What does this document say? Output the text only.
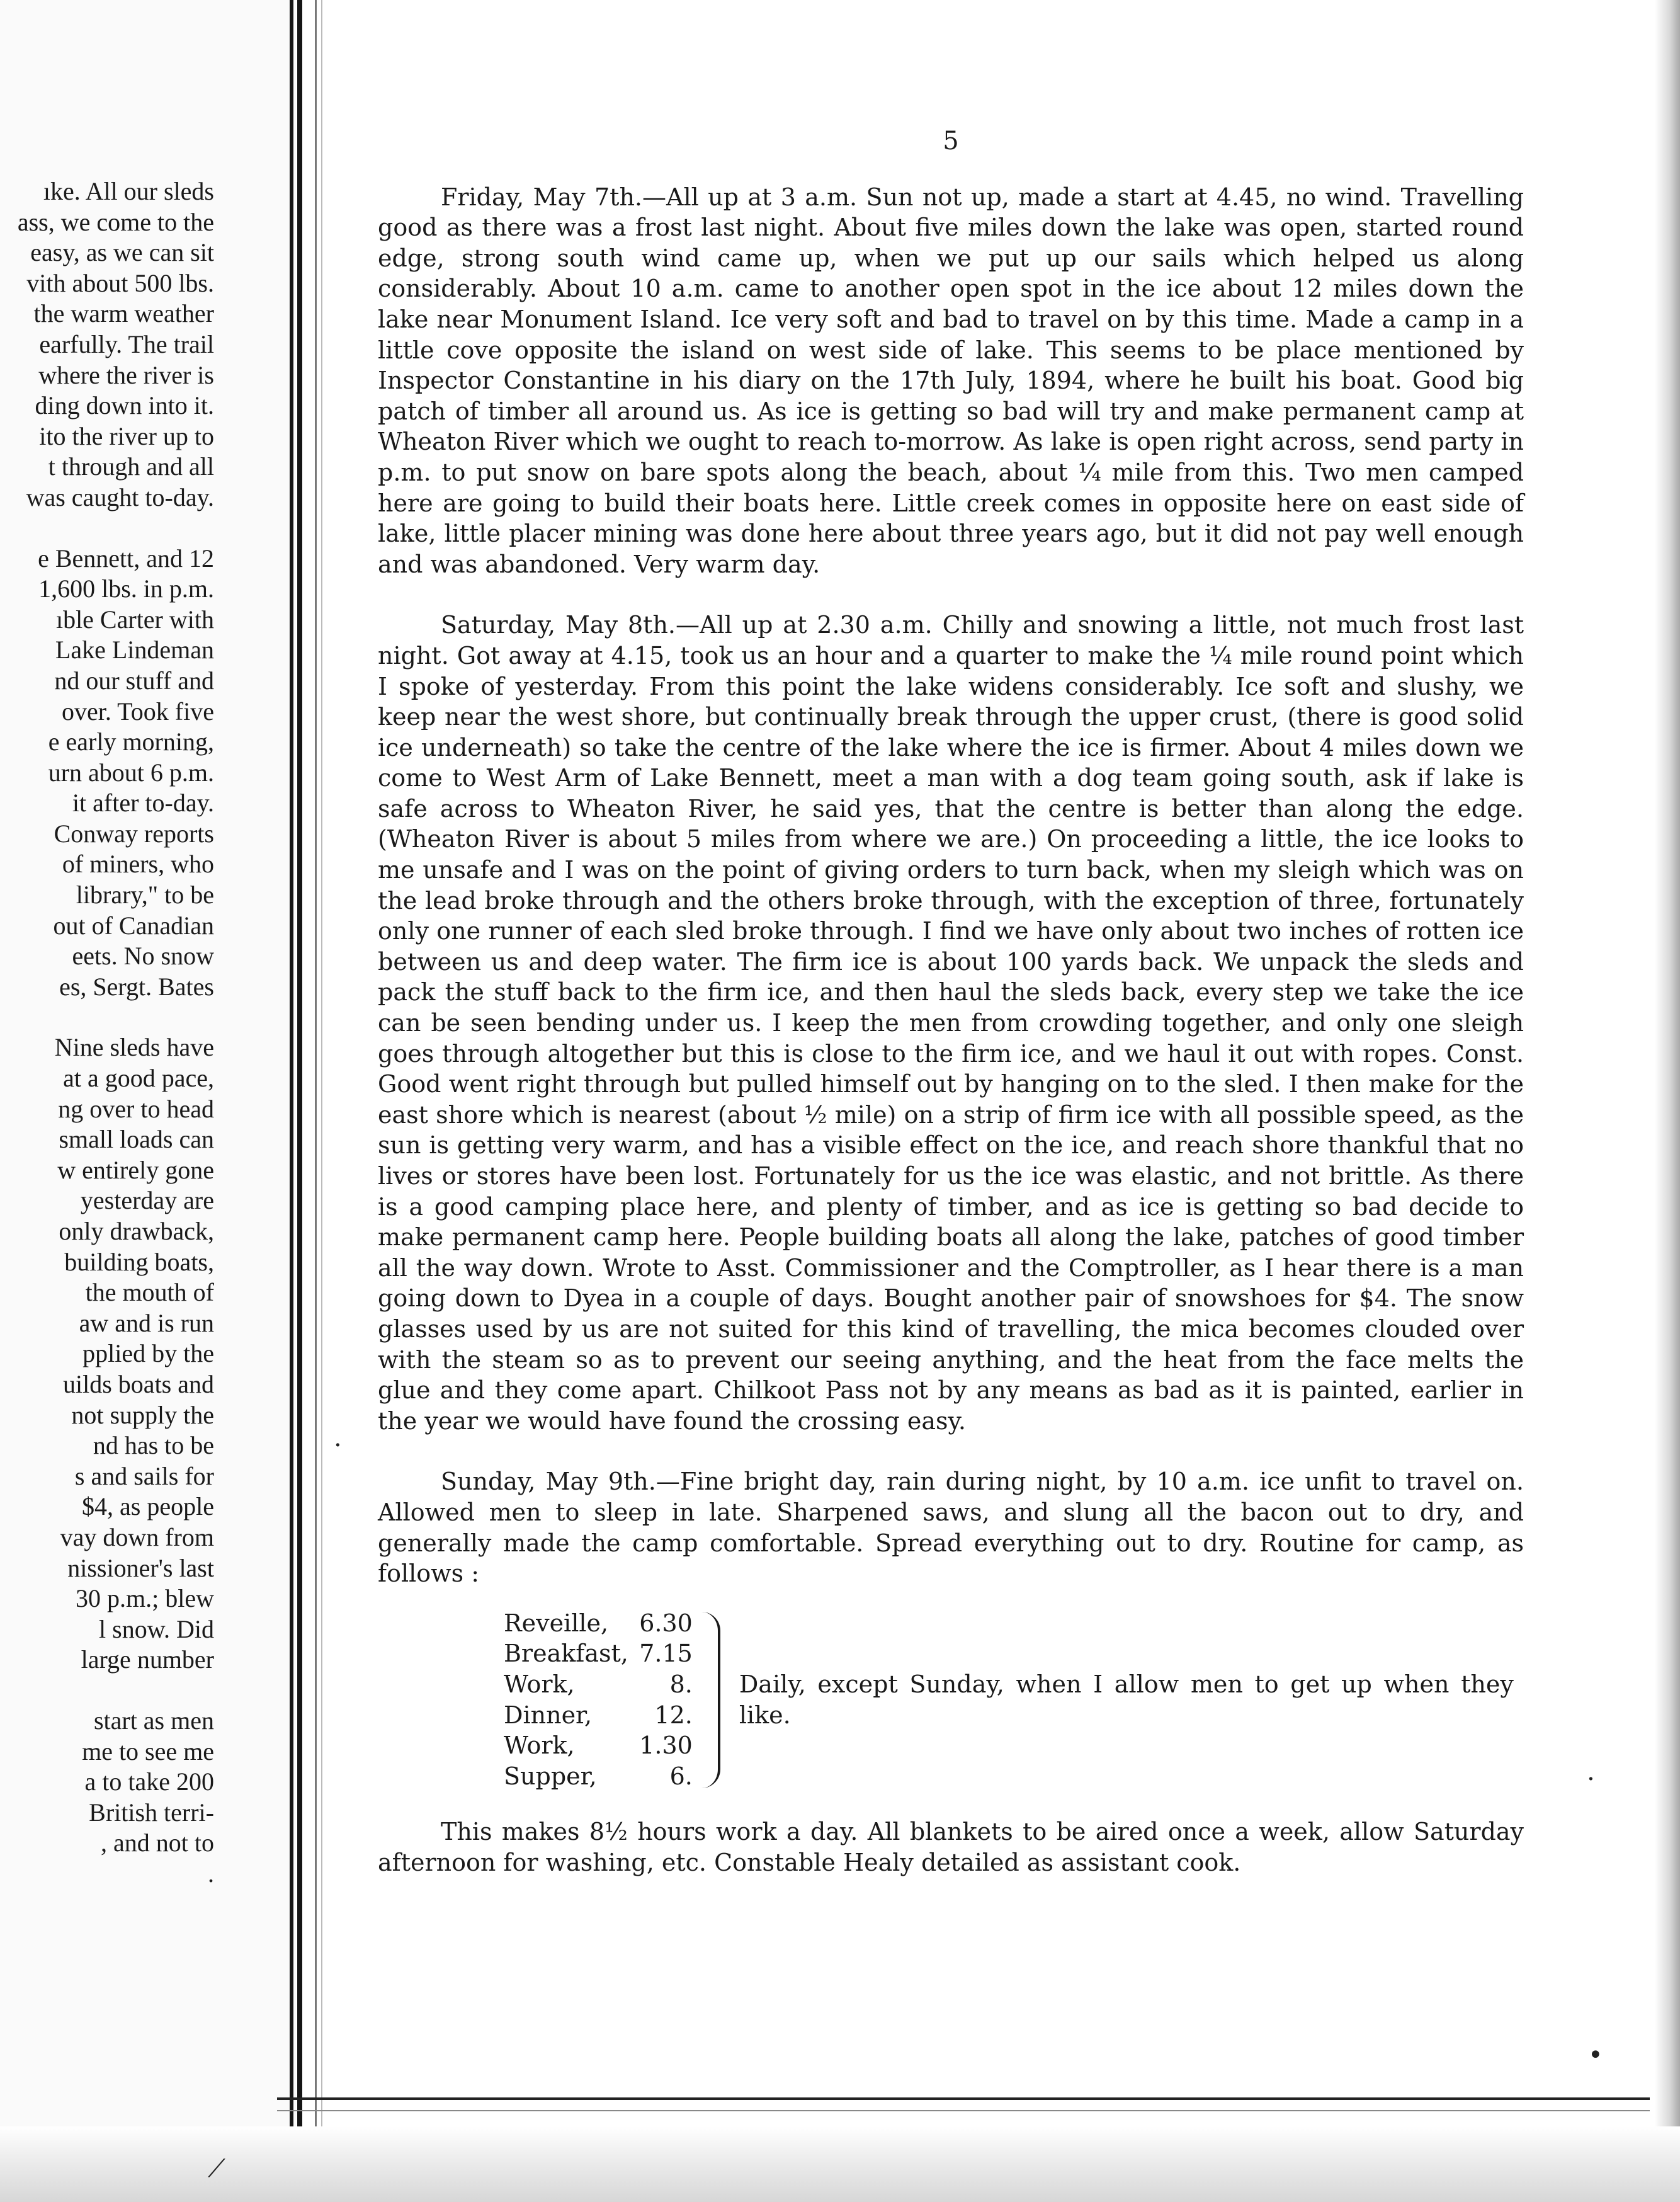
ıke. All our sleds
ass, we come to the
easy, as we can sit
vith about 500 lbs.
the warm weather
earfully. The trail
where the river is
ding down into it.
ito the river up to
t through and all
was caught to-day.
e Bennett, and 12
1,600 lbs. in p.m.
ıble Carter with
Lake Lindeman
nd our stuff and
over. Took five
e early morning,
urn about 6 p.m.
it after to-day.
Conway reports
of miners, who
library," to be
out of Canadian
eets. No snow
es, Sergt. Bates
Nine sleds have
at a good pace,
ng over to head
small loads can
w entirely gone
yesterday are
only drawback,
building boats,
the mouth of
aw and is run
pplied by the
uilds boats and
not supply the
nd has to be
s and sails for
$4, as people
vay down from
nissioner's last
30 p.m.; blew
l snow. Did
large number
start as men
me to see me
a to take 200
British terri-
, and not to
.
5

Friday, May 7th.—All up at 3 a.m. Sun not up, made a start at 4.45, no wind. Travelling good as there was a frost last night. About five miles down the lake was open, started round edge, strong south wind came up, when we put up our sails which helped us along considerably. About 10 a.m. came to another open spot in the ice about 12 miles down the lake near Monument Island. Ice very soft and bad to travel on by this time. Made a camp in a little cove opposite the island on west side of lake. This seems to be place mentioned by Inspector Constantine in his diary on the 17th July, 1894, where he built his boat. Good big patch of timber all around us. As ice is getting so bad will try and make permanent camp at Wheaton River which we ought to reach to-morrow. As lake is open right across, send party in p.m. to put snow on bare spots along the beach, about ¼ mile from this. Two men camped here are going to build their boats here. Little creek comes in opposite here on east side of lake, little placer mining was done here about three years ago, but it did not pay well enough and was abandoned. Very warm day.

Saturday, May 8th.—All up at 2.30 a.m. Chilly and snowing a little, not much frost last night. Got away at 4.15, took us an hour and a quarter to make the ¼ mile round point which I spoke of yesterday. From this point the lake widens considerably. Ice soft and slushy, we keep near the west shore, but continually break through the upper crust, (there is good solid ice underneath) so take the centre of the lake where the ice is firmer. About 4 miles down we come to West Arm of Lake Bennett, meet a man with a dog team going south, ask if lake is safe across to Wheaton River, he said yes, that the centre is better than along the edge. (Wheaton River is about 5 miles from where we are.) On proceeding a little, the ice looks to me unsafe and I was on the point of giving orders to turn back, when my sleigh which was on the lead broke through and the others broke through, with the exception of three, fortunately only one runner of each sled broke through. I find we have only about two inches of rotten ice between us and deep water. The firm ice is about 100 yards back. We unpack the sleds and pack the stuff back to the firm ice, and then haul the sleds back, every step we take the ice can be seen bending under us. I keep the men from crowding together, and only one sleigh goes through altogether but this is close to the firm ice, and we haul it out with ropes. Const. Good went right through but pulled himself out by hanging on to the sled. I then make for the east shore which is nearest (about ½ mile) on a strip of firm ice with all possible speed, as the sun is getting very warm, and has a visible effect on the ice, and reach shore thankful that no lives or stores have been lost. Fortunately for us the ice was elastic, and not brittle. As there is a good camping place here, and plenty of timber, and as ice is getting so bad decide to make permanent camp here. People building boats all along the lake, patches of good timber all the way down. Wrote to Asst. Commissioner and the Comptroller, as I hear there is a man going down to Dyea in a couple of days. Bought another pair of snowshoes for $4. The snow glasses used by us are not suited for this kind of travelling, the mica becomes clouded over with the steam so as to prevent our seeing anything, and the heat from the face melts the glue and they come apart. Chilkoot Pass not by any means as bad as it is painted, earlier in the year we would have found the crossing easy.

Sunday, May 9th.—Fine bright day, rain during night, by 10 a.m. ice unfit to travel on. Allowed men to sleep in late. Sharpened saws, and slung all the bacon out to dry, and generally made the camp comfortable. Spread everything out to dry. Routine for camp, as follows :

Reveille,	6.30
Breakfast,	7.15
Work,	8.
Dinner,	12.
Work,	1.30
Supper,	6.
Daily, except Sunday, when I allow men to get up when they like.

This makes 8½ hours work a day. All blankets to be aired once a week, allow Saturday afternoon for washing, etc. Constable Healy detailed as assistant cook.

.
.
•
⟋
